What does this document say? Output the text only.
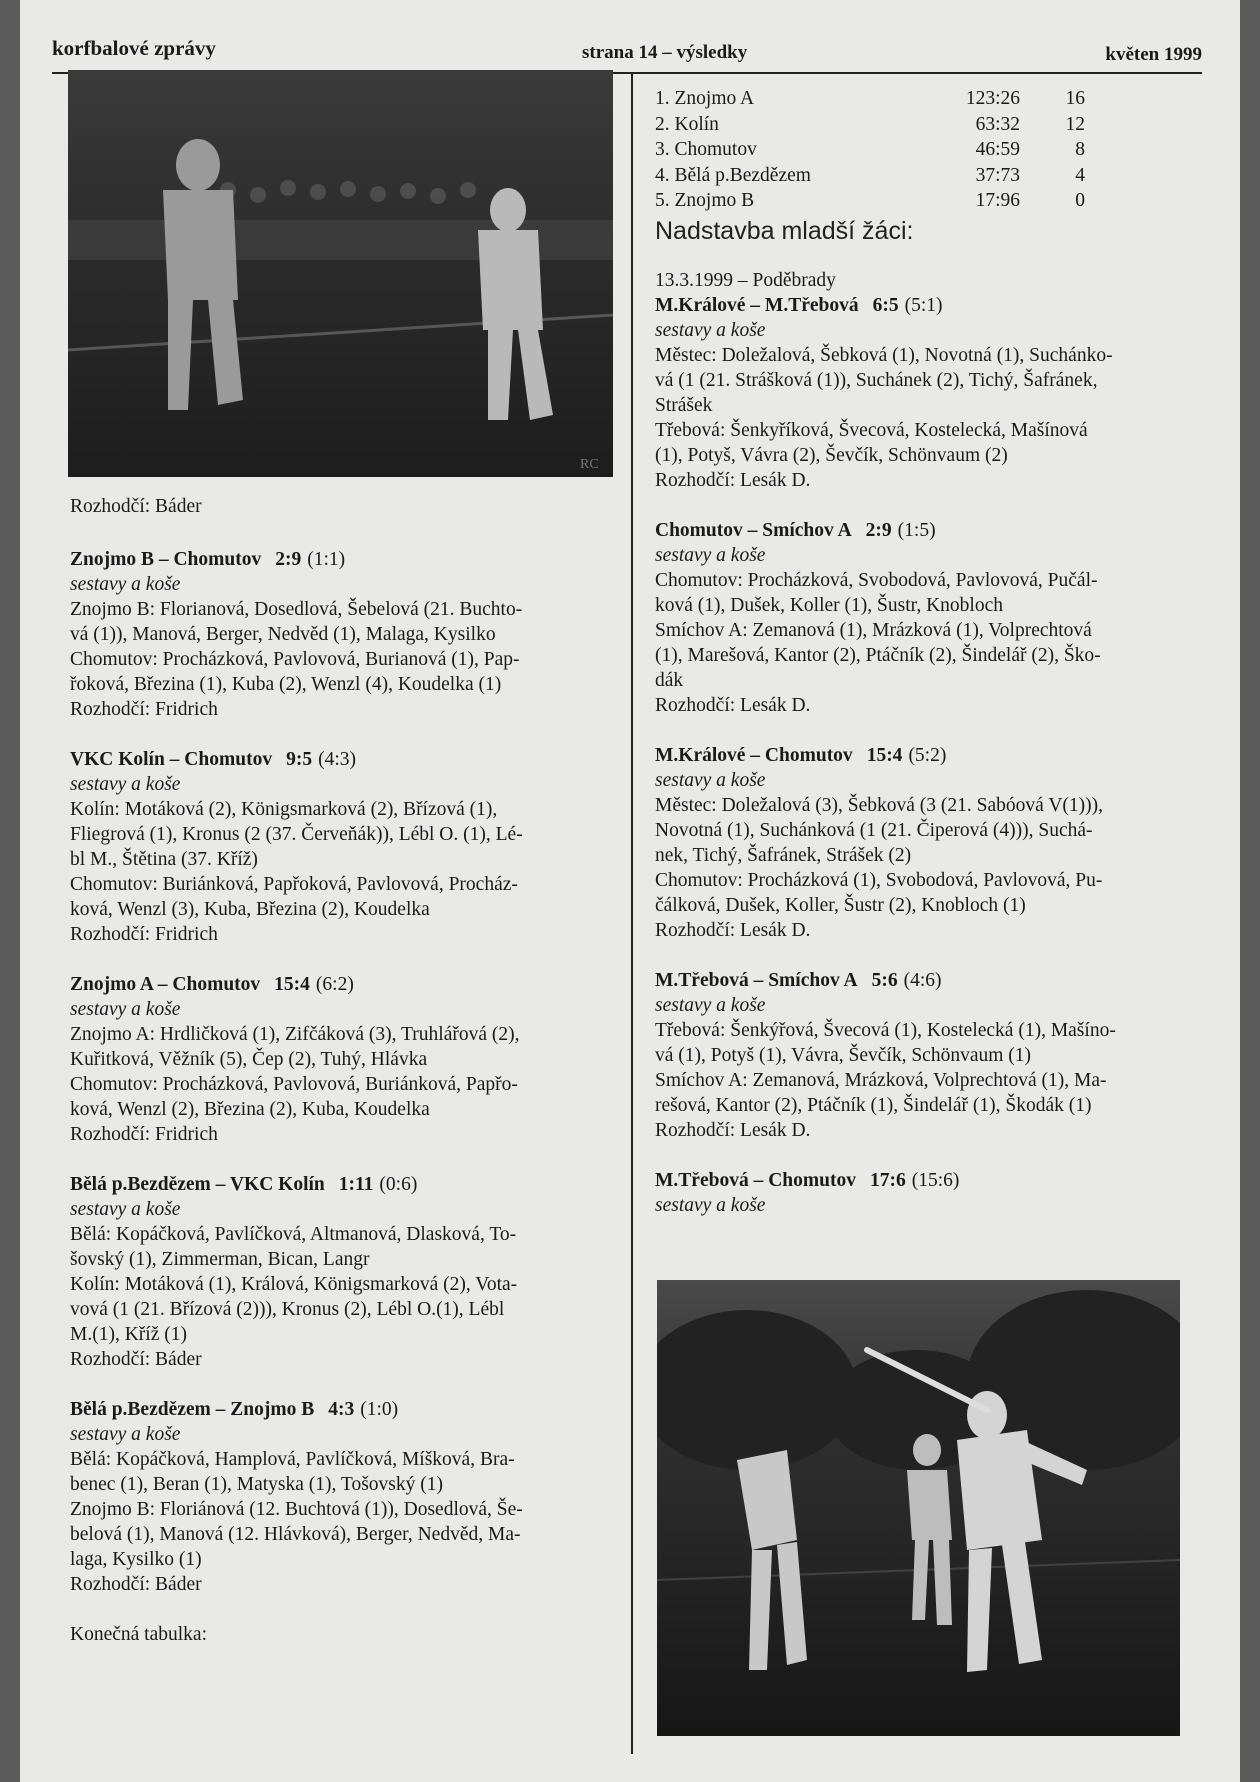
korfbalové zprávy	strana 14 – výsledky	květen 1999
RC
Rozhodčí: Báder
Znojmo B – Chomutov 2:9 (1:1)
sestavy a koše
Znojmo B: Florianová, Dosedlová, Šebelová (21. Buchto-
vá (1)), Manová, Berger, Nedvěd (1), Malaga, Kysilko
Chomutov: Procházková, Pavlovová, Burianová (1), Pap-
řoková, Březina (1), Kuba (2), Wenzl (4), Koudelka (1)
Rozhodčí: Fridrich
VKC Kolín – Chomutov 9:5 (4:3)
sestavy a koše
Kolín: Motáková (2), Königsmarková (2), Břízová (1),
Fliegrová (1), Kronus (2 (37. Červeňák)), Lébl O. (1), Lé-
bl M., Štětina (37. Kříž)
Chomutov: Buriánková, Papřoková, Pavlovová, Procház-
ková, Wenzl (3), Kuba, Březina (2), Koudelka
Rozhodčí: Fridrich
Znojmo A – Chomutov 15:4 (6:2)
sestavy a koše
Znojmo A: Hrdličková (1), Zifčáková (3), Truhlářová (2),
Kuřitková, Věžník (5), Čep (2), Tuhý, Hlávka
Chomutov: Procházková, Pavlovová, Buriánková, Papřo-
ková, Wenzl (2), Březina (2), Kuba, Koudelka
Rozhodčí: Fridrich
Bělá p.Bezdězem – VKC Kolín 1:11 (0:6)
sestavy a koše
Bělá: Kopáčková, Pavlíčková, Altmanová, Dlasková, To-
šovský (1), Zimmerman, Bican, Langr
Kolín: Motáková (1), Králová, Königsmarková (2), Vota-
vová (1 (21. Břízová (2))), Kronus (2), Lébl O.(1), Lébl
M.(1), Kříž (1)
Rozhodčí: Báder
Bělá p.Bezdězem – Znojmo B 4:3 (1:0)
sestavy a koše
Bělá: Kopáčková, Hamplová, Pavlíčková, Míšková, Bra-
benec (1), Beran (1), Matyska (1), Tošovský (1)
Znojmo B: Floriánová (12. Buchtová (1)), Dosedlová, Še-
belová (1), Manová (12. Hlávková), Berger, Nedvěd, Ma-
laga, Kysilko (1)
Rozhodčí: Báder
Konečná tabulka:
1. Znojmo A	123:26	16
2. Kolín	63:32	12
3. Chomutov	46:59	8
4. Bělá p.Bezdězem	37:73	4
5. Znojmo B	17:96	0
Nadstavba mladší žáci:
13.3.1999 – Poděbrady
M.Králové – M.Třebová 6:5 (5:1)
sestavy a koše
Městec: Doležalová, Šebková (1), Novotná (1), Suchánko-
vá (1 (21. Strášková (1)), Suchánek (2), Tichý, Šafránek,
Strášek
Třebová: Šenkyříková, Švecová, Kostelecká, Mašínová
(1), Potyš, Vávra (2), Ševčík, Schönvaum (2)
Rozhodčí: Lesák D.
Chomutov – Smíchov A 2:9 (1:5)
sestavy a koše
Chomutov: Procházková, Svobodová, Pavlovová, Pučál-
ková (1), Dušek, Koller (1), Šustr, Knobloch
Smíchov A: Zemanová (1), Mrázková (1), Volprechtová
(1), Marešová, Kantor (2), Ptáčník (2), Šindelář (2), Ško-
dák
Rozhodčí: Lesák D.
M.Králové – Chomutov 15:4 (5:2)
sestavy a koše
Městec: Doležalová (3), Šebková (3 (21. Sabóová V(1))),
Novotná (1), Suchánková (1 (21. Čiperová (4))), Suchá-
nek, Tichý, Šafránek, Strášek (2)
Chomutov: Procházková (1), Svobodová, Pavlovová, Pu-
čálková, Dušek, Koller, Šustr (2), Knobloch (1)
Rozhodčí: Lesák D.
M.Třebová – Smíchov A 5:6 (4:6)
sestavy a koše
Třebová: Šenkýřová, Švecová (1), Kostelecká (1), Mašíno-
vá (1), Potyš (1), Vávra, Ševčík, Schönvaum (1)
Smíchov A: Zemanová, Mrázková, Volprechtová (1), Ma-
rešová, Kantor (2), Ptáčník (1), Šindelář (1), Škodák (1)
Rozhodčí: Lesák D.
M.Třebová – Chomutov 17:6 (15:6)
sestavy a koše
